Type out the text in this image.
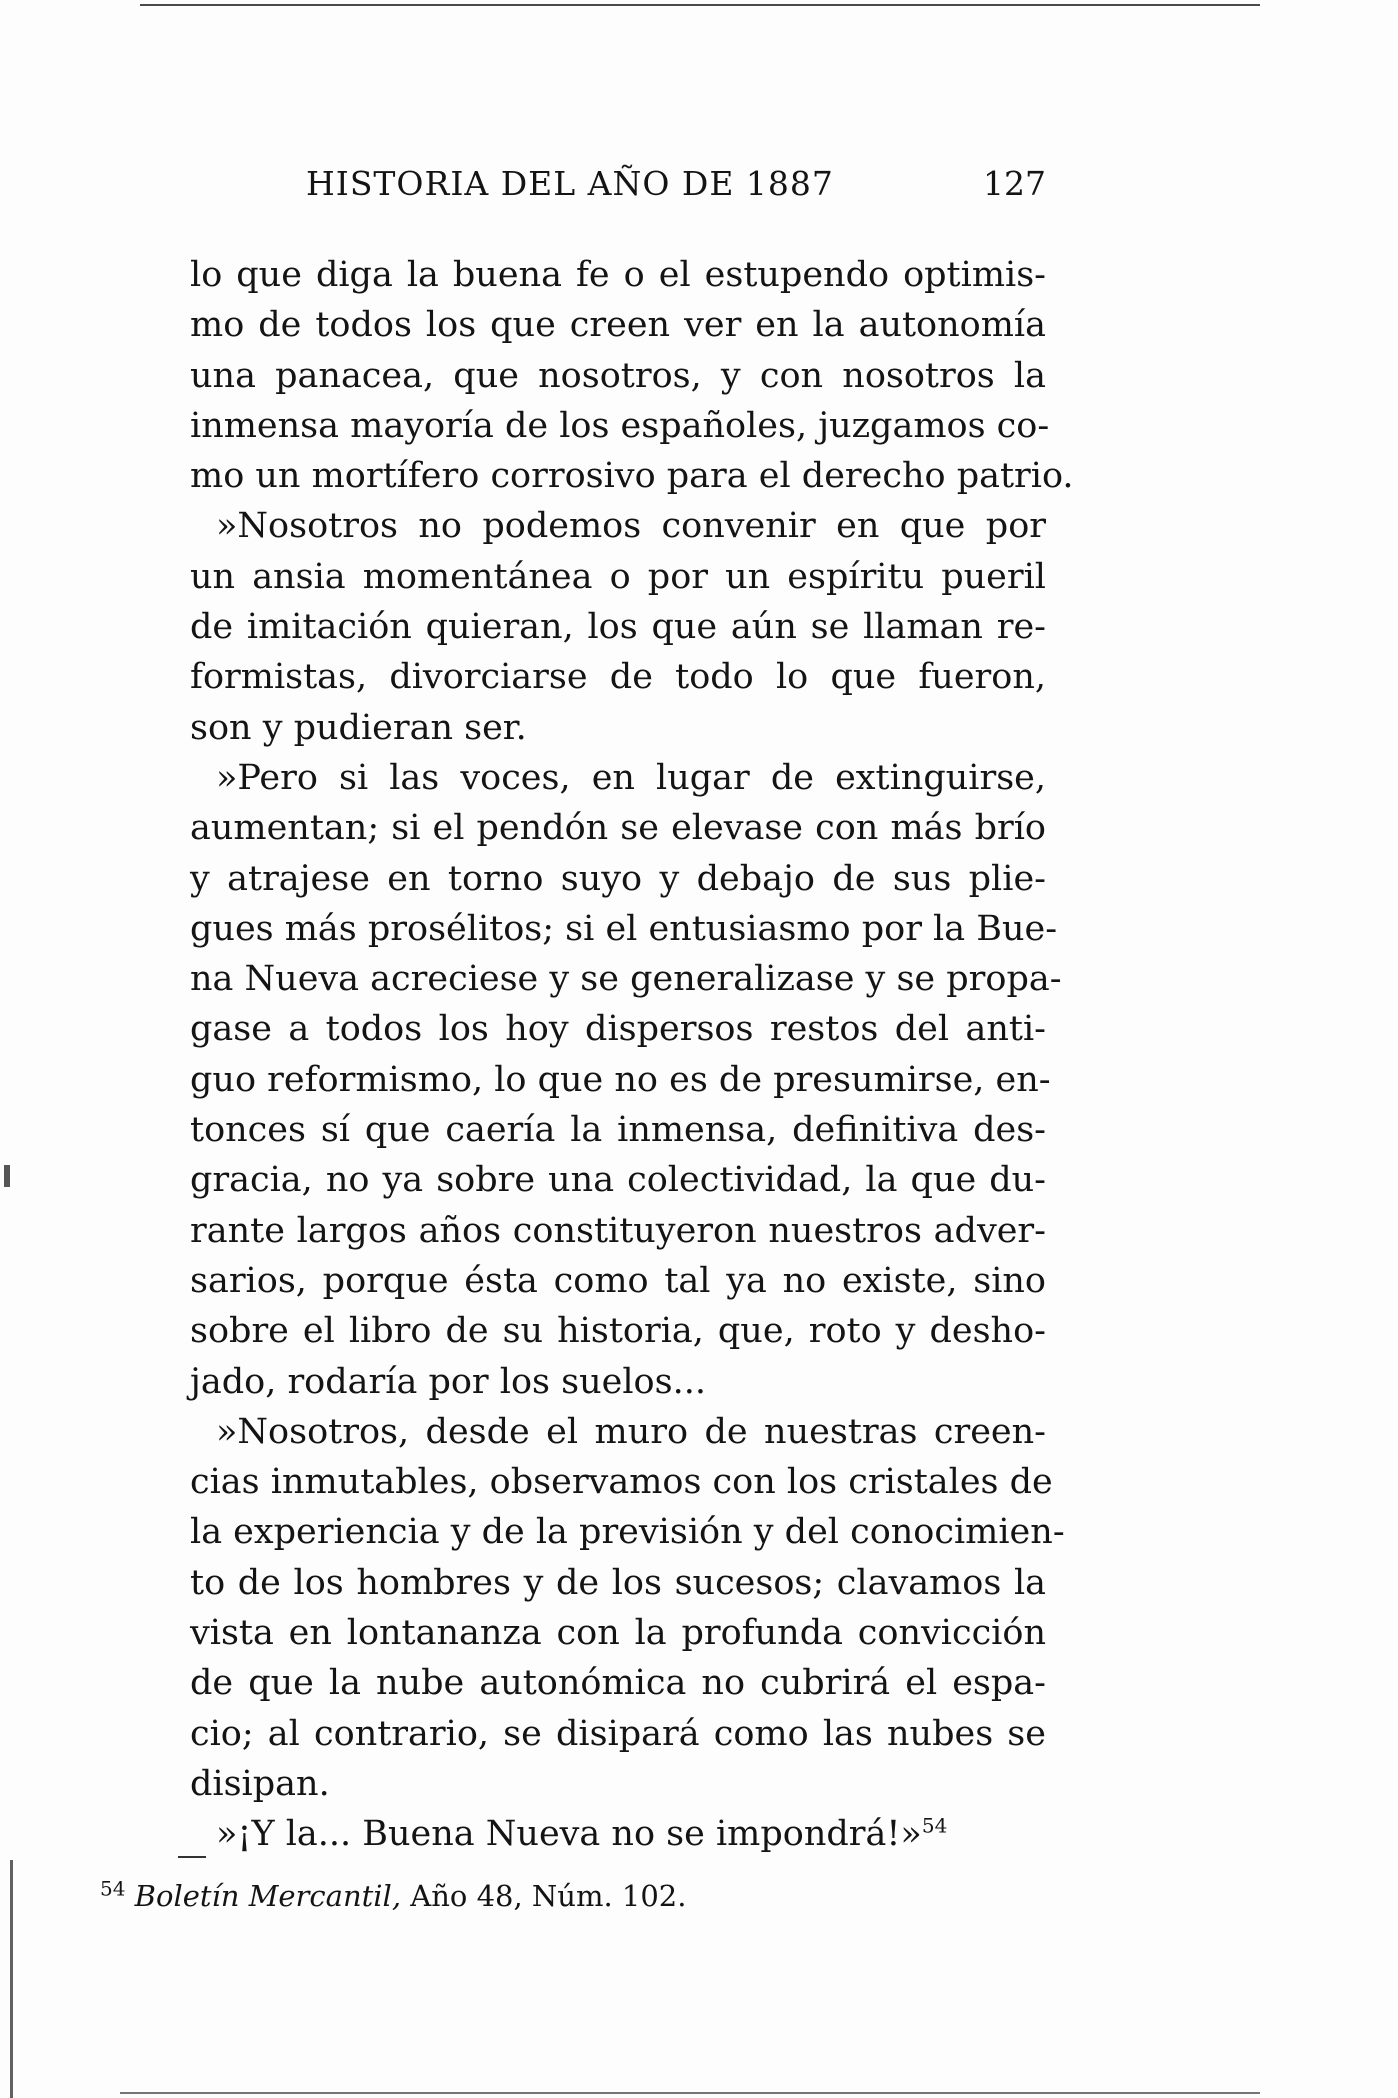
HISTORIA DEL AÑO DE 1887	127
lo que diga la buena fe o el estupendo optimis-
mo de todos los que creen ver en la autonomía
una panacea, que nosotros, y con nosotros la
inmensa mayoría de los españoles, juzgamos co-
mo un mortífero corrosivo para el derecho patrio.
»Nosotros no podemos convenir en que por
un ansia momentánea o por un espíritu pueril
de imitación quieran, los que aún se llaman re-
formistas, divorciarse de todo lo que fueron,
son y pudieran ser.
»Pero si las voces, en lugar de extinguirse,
aumentan; si el pendón se elevase con más brío
y atrajese en torno suyo y debajo de sus plie-
gues más prosélitos; si el entusiasmo por la Bue-
na Nueva acreciese y se generalizase y se propa-
gase a todos los hoy dispersos restos del anti-
guo reformismo, lo que no es de presumirse, en-
tonces sí que caería la inmensa, definitiva des-
gracia, no ya sobre una colectividad, la que du-
rante largos años constituyeron nuestros adver-
sarios, porque ésta como tal ya no existe, sino
sobre el libro de su historia, que, roto y desho-
jado, rodaría por los suelos...
»Nosotros, desde el muro de nuestras creen-
cias inmutables, observamos con los cristales de
la experiencia y de la previsión y del conocimien-
to de los hombres y de los sucesos; clavamos la
vista en lontananza con la profunda convicción
de que la nube autonómica no cubrirá el espa-
cio; al contrario, se disipará como las nubes se
disipan.
»¡Y la... Buena Nueva no se impondrá!»$^{54}$
$^{54}$ Boletín Mercantil, Año 48, Núm. 102.
